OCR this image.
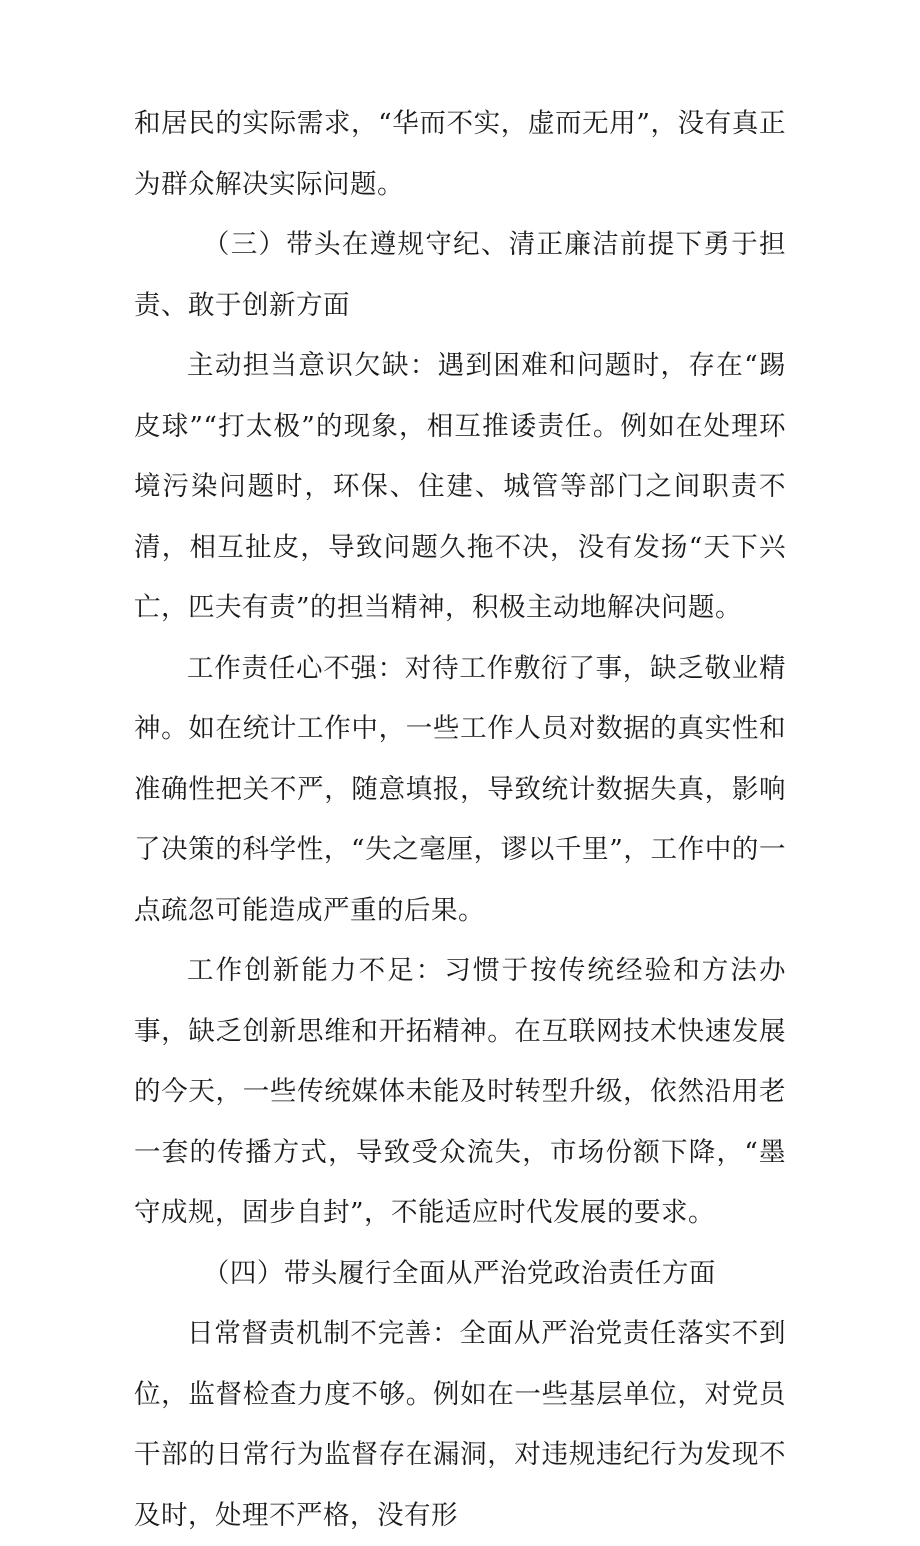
和居民的实际需求，“华而不实，虚而无用”，没有真正为群众解决实际问题。

（三）带头在遵规守纪、清正廉洁前提下勇于担责、敢于创新方面

主动担当意识欠缺：遇到困难和问题时，存在“踢皮球”“打太极”的现象，相互推诿责任。例如在处理环境污染问题时，环保、住建、城管等部门之间职责不清，相互扯皮，导致问题久拖不决，没有发扬“天下兴亡，匹夫有责”的担当精神，积极主动地解决问题。

工作责任心不强：对待工作敷衍了事，缺乏敬业精神。如在统计工作中，一些工作人员对数据的真实性和准确性把关不严，随意填报，导致统计数据失真，影响了决策的科学性，“失之毫厘，谬以千里”，工作中的一点疏忽可能造成严重的后果。

工作创新能力不足：习惯于按传统经验和方法办事，缺乏创新思维和开拓精神。在互联网技术快速发展的今天，一些传统媒体未能及时转型升级，依然沿用老一套的传播方式，导致受众流失，市场份额下降，“墨守成规，固步自封”，不能适应时代发展的要求。

（四）带头履行全面从严治党政治责任方面

日常督责机制不完善：全面从严治党责任落实不到位，监督检查力度不够。例如在一些基层单位，对党员干部的日常行为监督存在漏洞，对违规违纪行为发现不及时，处理不严格，没有形
